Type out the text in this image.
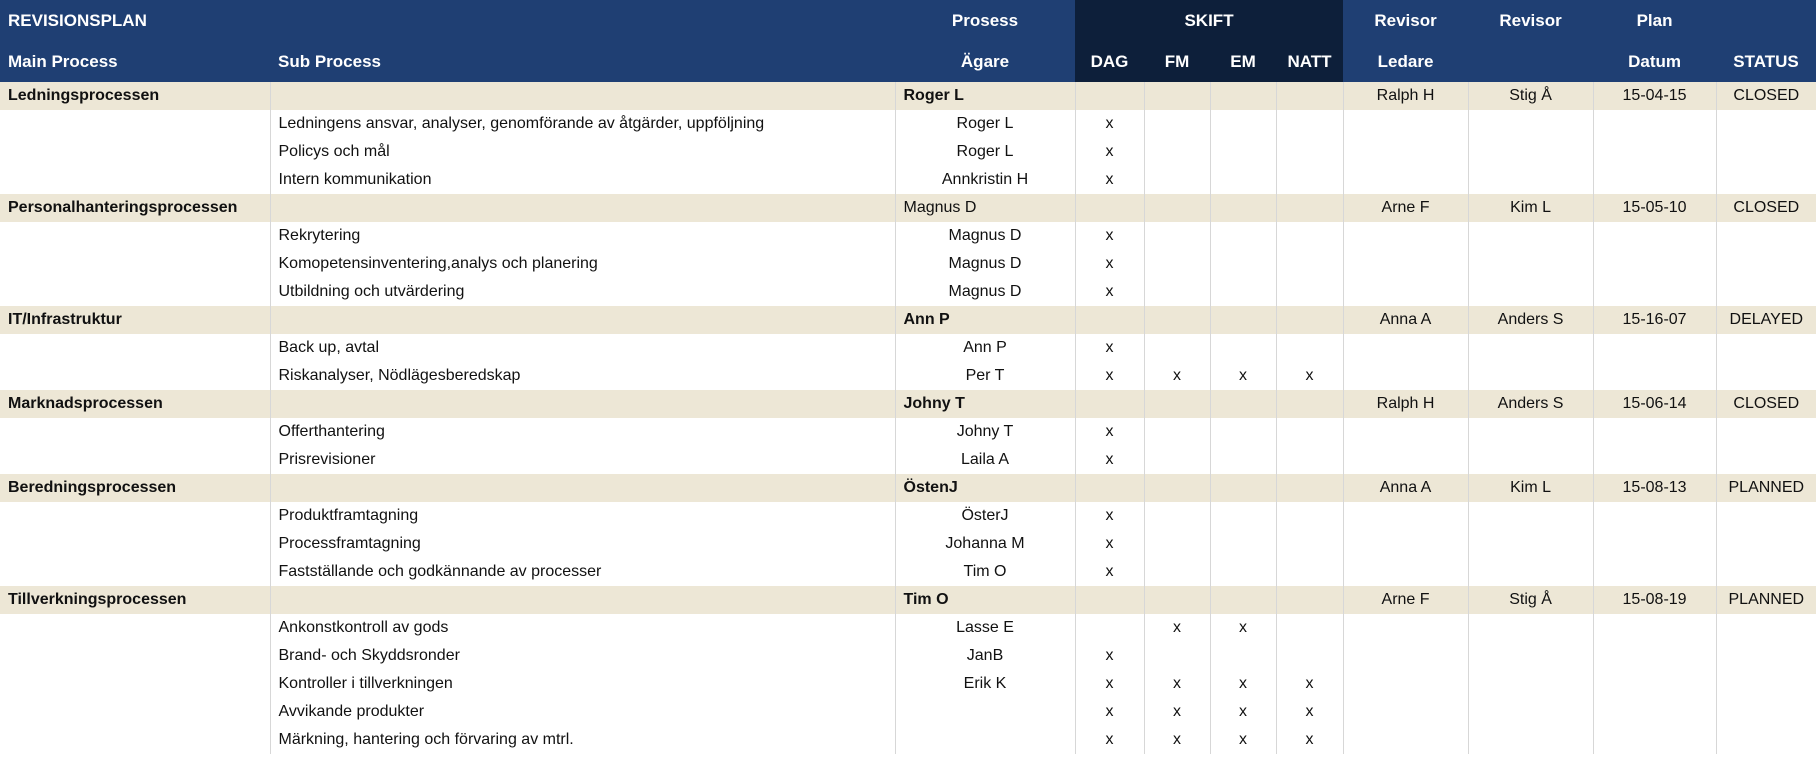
REVISIONSPLAN		Prosess	SKIFT				Revisor	Revisor	Plan	
Main Process	Sub Process	Ägare	DAG	FM	EM	NATT	Ledare		Datum	STATUS
Ledningsprocessen		Roger L					Ralph H	Stig Å	15-04-15	CLOSED
	Ledningens ansvar, analyser, genomförande av åtgärder, uppföljning	Roger L	x							
	Policys och mål	Roger L	x							
	Intern kommunikation	Annkristin H	x							
Personalhanteringsprocessen		Magnus D					Arne F	Kim L	15-05-10	CLOSED
	Rekrytering	Magnus D	x							
	Komopetensinventering,analys och planering	Magnus D	x							
	Utbildning och utvärdering	Magnus D	x							
IT/Infrastruktur		Ann P					Anna A	Anders S	15-16-07	DELAYED
	Back up, avtal	Ann P	x							
	Riskanalyser, Nödlägesberedskap	Per T	x	x	x	x				
Marknadsprocessen		Johny T					Ralph H	Anders S	15-06-14	CLOSED
	Offerthantering	Johny T	x							
	Prisrevisioner	Laila A	x							
Beredningsprocessen		ÖstenJ					Anna A	Kim L	15-08-13	PLANNED
	Produktframtagning	ÖsterJ	x							
	Processframtagning	Johanna M	x							
	Fastställande och godkännande av processer	Tim O	x							
Tillverkningsprocessen		Tim O					Arne F	Stig Å	15-08-19	PLANNED
	Ankonstkontroll av gods	Lasse E		x	x					
	Brand- och Skyddsronder	JanB	x							
	Kontroller i tillverkningen	Erik K	x	x	x	x				
	Avvikande produkter		x	x	x	x				
	Märkning, hantering och förvaring av mtrl.		x	x	x	x				
